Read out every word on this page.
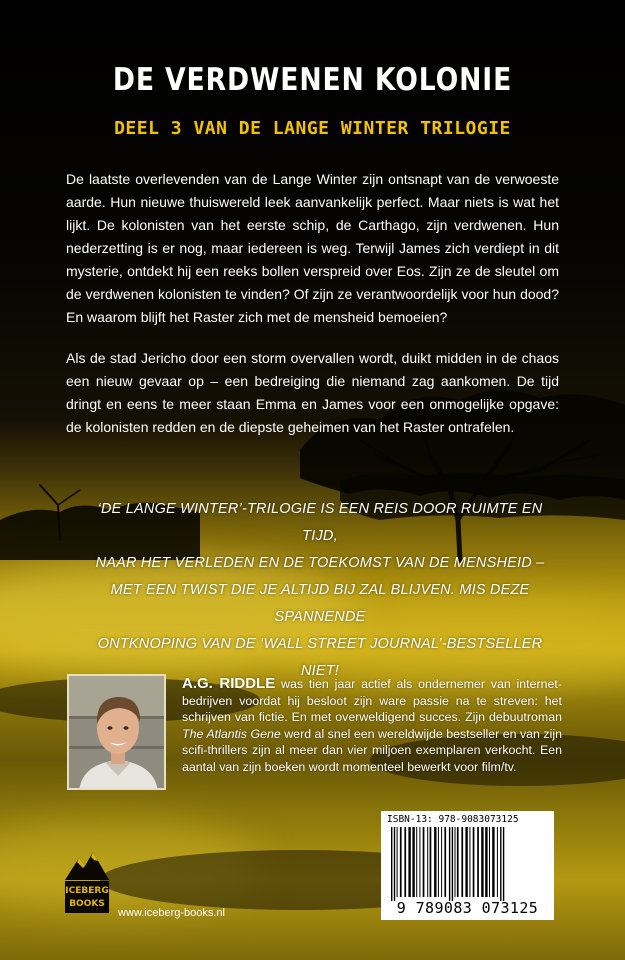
DE VERDWENEN KOLONIE
DEEL 3 VAN DE LANGE WINTER TRILOGIE

De laatste overlevenden van de Lange Winter zijn ontsnapt van de verwoeste aarde. Hun nieuwe thuiswereld leek aanvankelijk perfect. Maar niets is wat het lijkt. De kolonisten van het eerste schip, de Carthago, zijn verdwenen. Hun nederzetting is er nog, maar iedereen is weg. Terwijl James zich verdiept in dit mysterie, ontdekt hij een reeks bollen verspreid over Eos. Zijn ze de sleutel om de verdwenen kolonisten te vinden? Of zijn ze verantwoordelijk voor hun dood? En waarom blijft het Raster zich met de mensheid bemoeien?

Als de stad Jericho door een storm overvallen wordt, duikt midden in de chaos een nieuw gevaar op – een bedreiging die niemand zag aankomen. De tijd dringt en eens te meer staan Emma en James voor een onmogelijke opgave: de kolonisten redden en de diepste geheimen van het Raster ontrafelen.

‘DE LANGE WINTER’-TRILOGIE IS EEN REIS DOOR RUIMTE EN TIJD,
NAAR HET VERLEDEN EN DE TOEKOMST VAN DE MENSHEID –
MET EEN TWIST DIE JE ALTIJD BIJ ZAL BLIJVEN. MIS DEZE SPANNENDE
ONTKNOPING VAN DE ‘WALL STREET JOURNAL’-BESTSELLER NIET!

A.G. RIDDLE was tien jaar actief als ondernemer van internet-bedrijven voordat hij besloot zijn ware passie na te streven: het schrijven van fictie. En met overweldigend succes. Zijn debuutroman The Atlantis Gene werd al snel een wereldwijde bestseller en van zijn scifi-thrillers zijn al meer dan vier miljoen exemplaren verkocht. Een aantal van zijn boeken wordt momenteel bewerkt voor film/tv.

ISBN-13: 978-9083073125
9 789083 073125
ICEBERG
BOOKS
www.iceberg-books.nl
